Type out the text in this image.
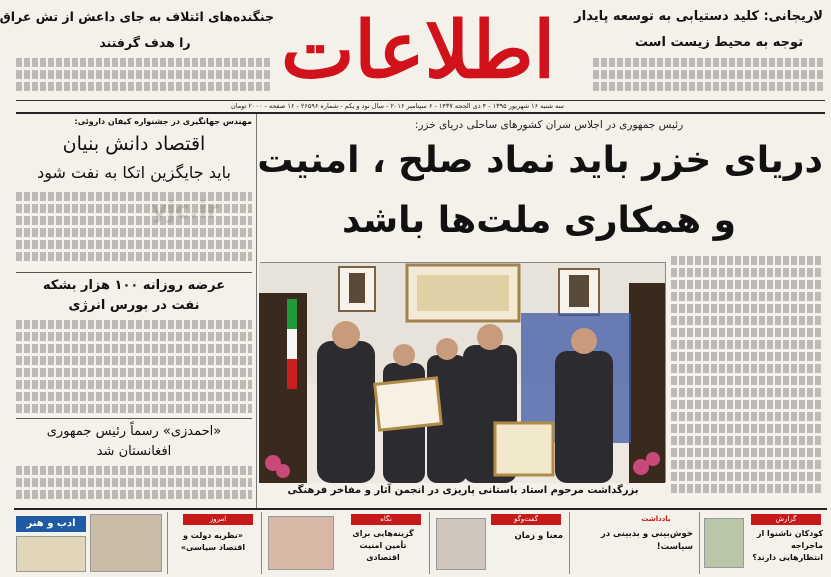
اطلاعات	لاریجانی: کلید دستیابی به توسعه پایدار
توجه به محیط زیست است
جنگنده‌های ائتلاف به جای داعش از تش عراق
را هدف گرفتند
سه شنبه ۱۶ شهریور ۱۳۹۵ - ۴ ذی الحجه ۱۴۳۷ - ۶ سپتامبر ۲۰۱۶ - سال نود و یکم - شماره ۲۶۵۹۶ - ۱۶ صفحه - ۲۰۰۰ تومان
رئیس جمهوری در اجلاس سران کشورهای ساحلی دریای خزر:
دریای خزر باید نماد صلح ، امنیت
و همکاری ملت‌ها باشد
بزرگداشت مرحوم استاد باستانی پاریزی در انجمن آثار و مفاخر فرهنگی
مهندس جهانگیری در جشنواره کیفان داروئی:
اقتصاد دانش بنیان
باید جایگزین اتکا به نفت شود
yjc.ir
عرضه روزانه ۱۰۰ هزار بشکه
نفت در بورس انرژی
«احمدزی» رسماً رئیس جمهوری
افغانستان شد
گزارش
کودکان ناشنوا از ماجراجه انتظارهایی دارند؟
یادداشت
خوش‌بینی و بدبینی در سیاست!
گفت‌وگو
معنا و زمان
نگاه
گزینه‌هایی برای تأمین امنیت اقتصادی
امروز
«نظریه دولت و اقتصاد سیاسی»
ادب و هنر
